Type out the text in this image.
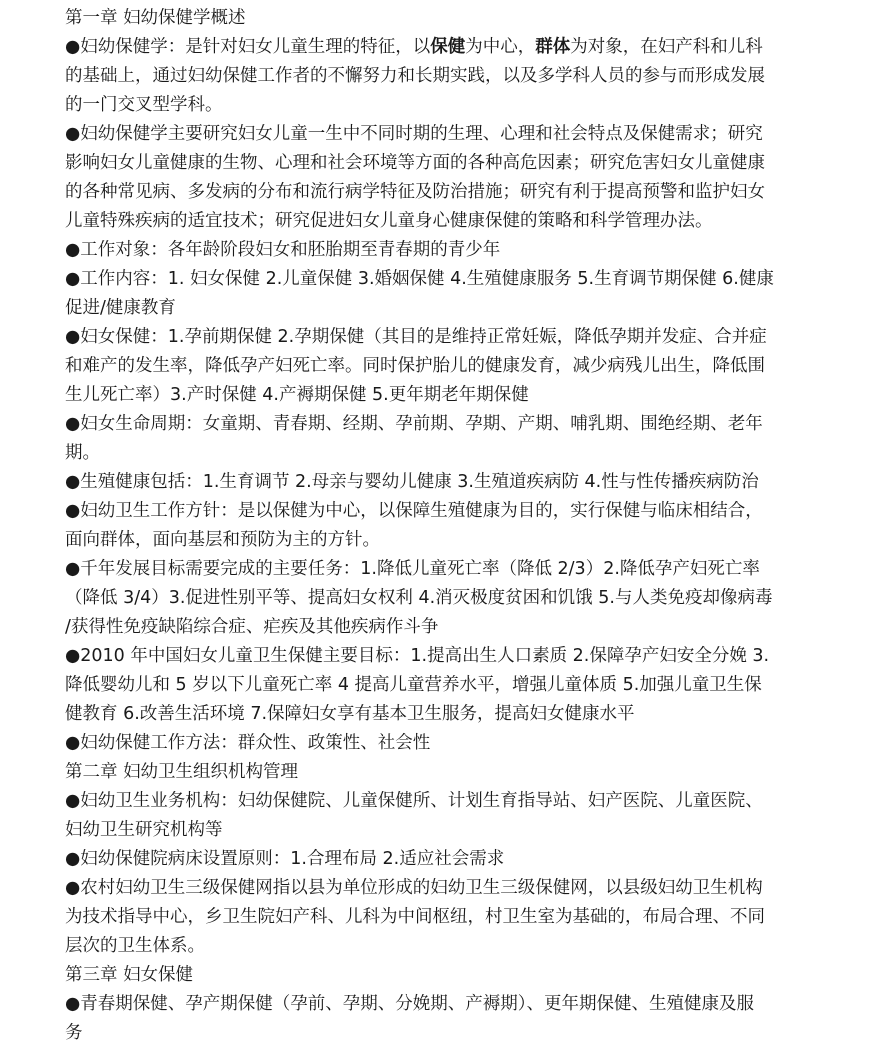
第一章 妇幼保健学概述
●妇幼保健学：是针对妇女儿童生理的特征，以保健为中心，群体为对象，在妇产科和儿科
的基础上，通过妇幼保健工作者的不懈努力和长期实践，以及多学科人员的参与而形成发展
的一门交叉型学科。
●妇幼保健学主要研究妇女儿童一生中不同时期的生理、心理和社会特点及保健需求；研究
影响妇女儿童健康的生物、心理和社会环境等方面的各种高危因素；研究危害妇女儿童健康
的各种常见病、多发病的分布和流行病学特征及防治措施；研究有利于提高预警和监护妇女
儿童特殊疾病的适宜技术；研究促进妇女儿童身心健康保健的策略和科学管理办法。
●工作对象：各年龄阶段妇女和胚胎期至青春期的青少年
●工作内容：1. 妇女保健 2.儿童保健 3.婚姻保健 4.生殖健康服务 5.生育调节期保健 6.健康
促进/健康教育
●妇女保健：1.孕前期保健 2.孕期保健（其目的是维持正常妊娠，降低孕期并发症、合并症
和难产的发生率，降低孕产妇死亡率。同时保护胎儿的健康发育，减少病残儿出生，降低围
生儿死亡率）3.产时保健 4.产褥期保健 5.更年期老年期保健
●妇女生命周期：女童期、青春期、经期、孕前期、孕期、产期、哺乳期、围绝经期、老年
期。
●生殖健康包括：1.生育调节 2.母亲与婴幼儿健康 3.生殖道疾病防 4.性与性传播疾病防治
●妇幼卫生工作方针：是以保健为中心，以保障生殖健康为目的，实行保健与临床相结合，
面向群体，面向基层和预防为主的方针。
●千年发展目标需要完成的主要任务：1.降低儿童死亡率（降低 2/3）2.降低孕产妇死亡率
（降低 3/4）3.促进性别平等、提高妇女权利 4.消灭极度贫困和饥饿 5.与人类免疫却像病毒
/获得性免疫缺陷综合症、疟疾及其他疾病作斗争
●2010 年中国妇女儿童卫生保健主要目标：1.提高出生人口素质 2.保障孕产妇安全分娩 3.
降低婴幼儿和 5 岁以下儿童死亡率 4 提高儿童营养水平，增强儿童体质 5.加强儿童卫生保
健教育 6.改善生活环境 7.保障妇女享有基本卫生服务，提高妇女健康水平
●妇幼保健工作方法：群众性、政策性、社会性
第二章 妇幼卫生组织机构管理
●妇幼卫生业务机构：妇幼保健院、儿童保健所、计划生育指导站、妇产医院、儿童医院、
妇幼卫生研究机构等
●妇幼保健院病床设置原则：1.合理布局 2.适应社会需求
●农村妇幼卫生三级保健网指以县为单位形成的妇幼卫生三级保健网，以县级妇幼卫生机构
为技术指导中心，乡卫生院妇产科、儿科为中间枢纽，村卫生室为基础的，布局合理、不同
层次的卫生体系。
第三章 妇女保健
●青春期保健、孕产期保健（孕前、孕期、分娩期、产褥期）、更年期保健、生殖健康及服
务
